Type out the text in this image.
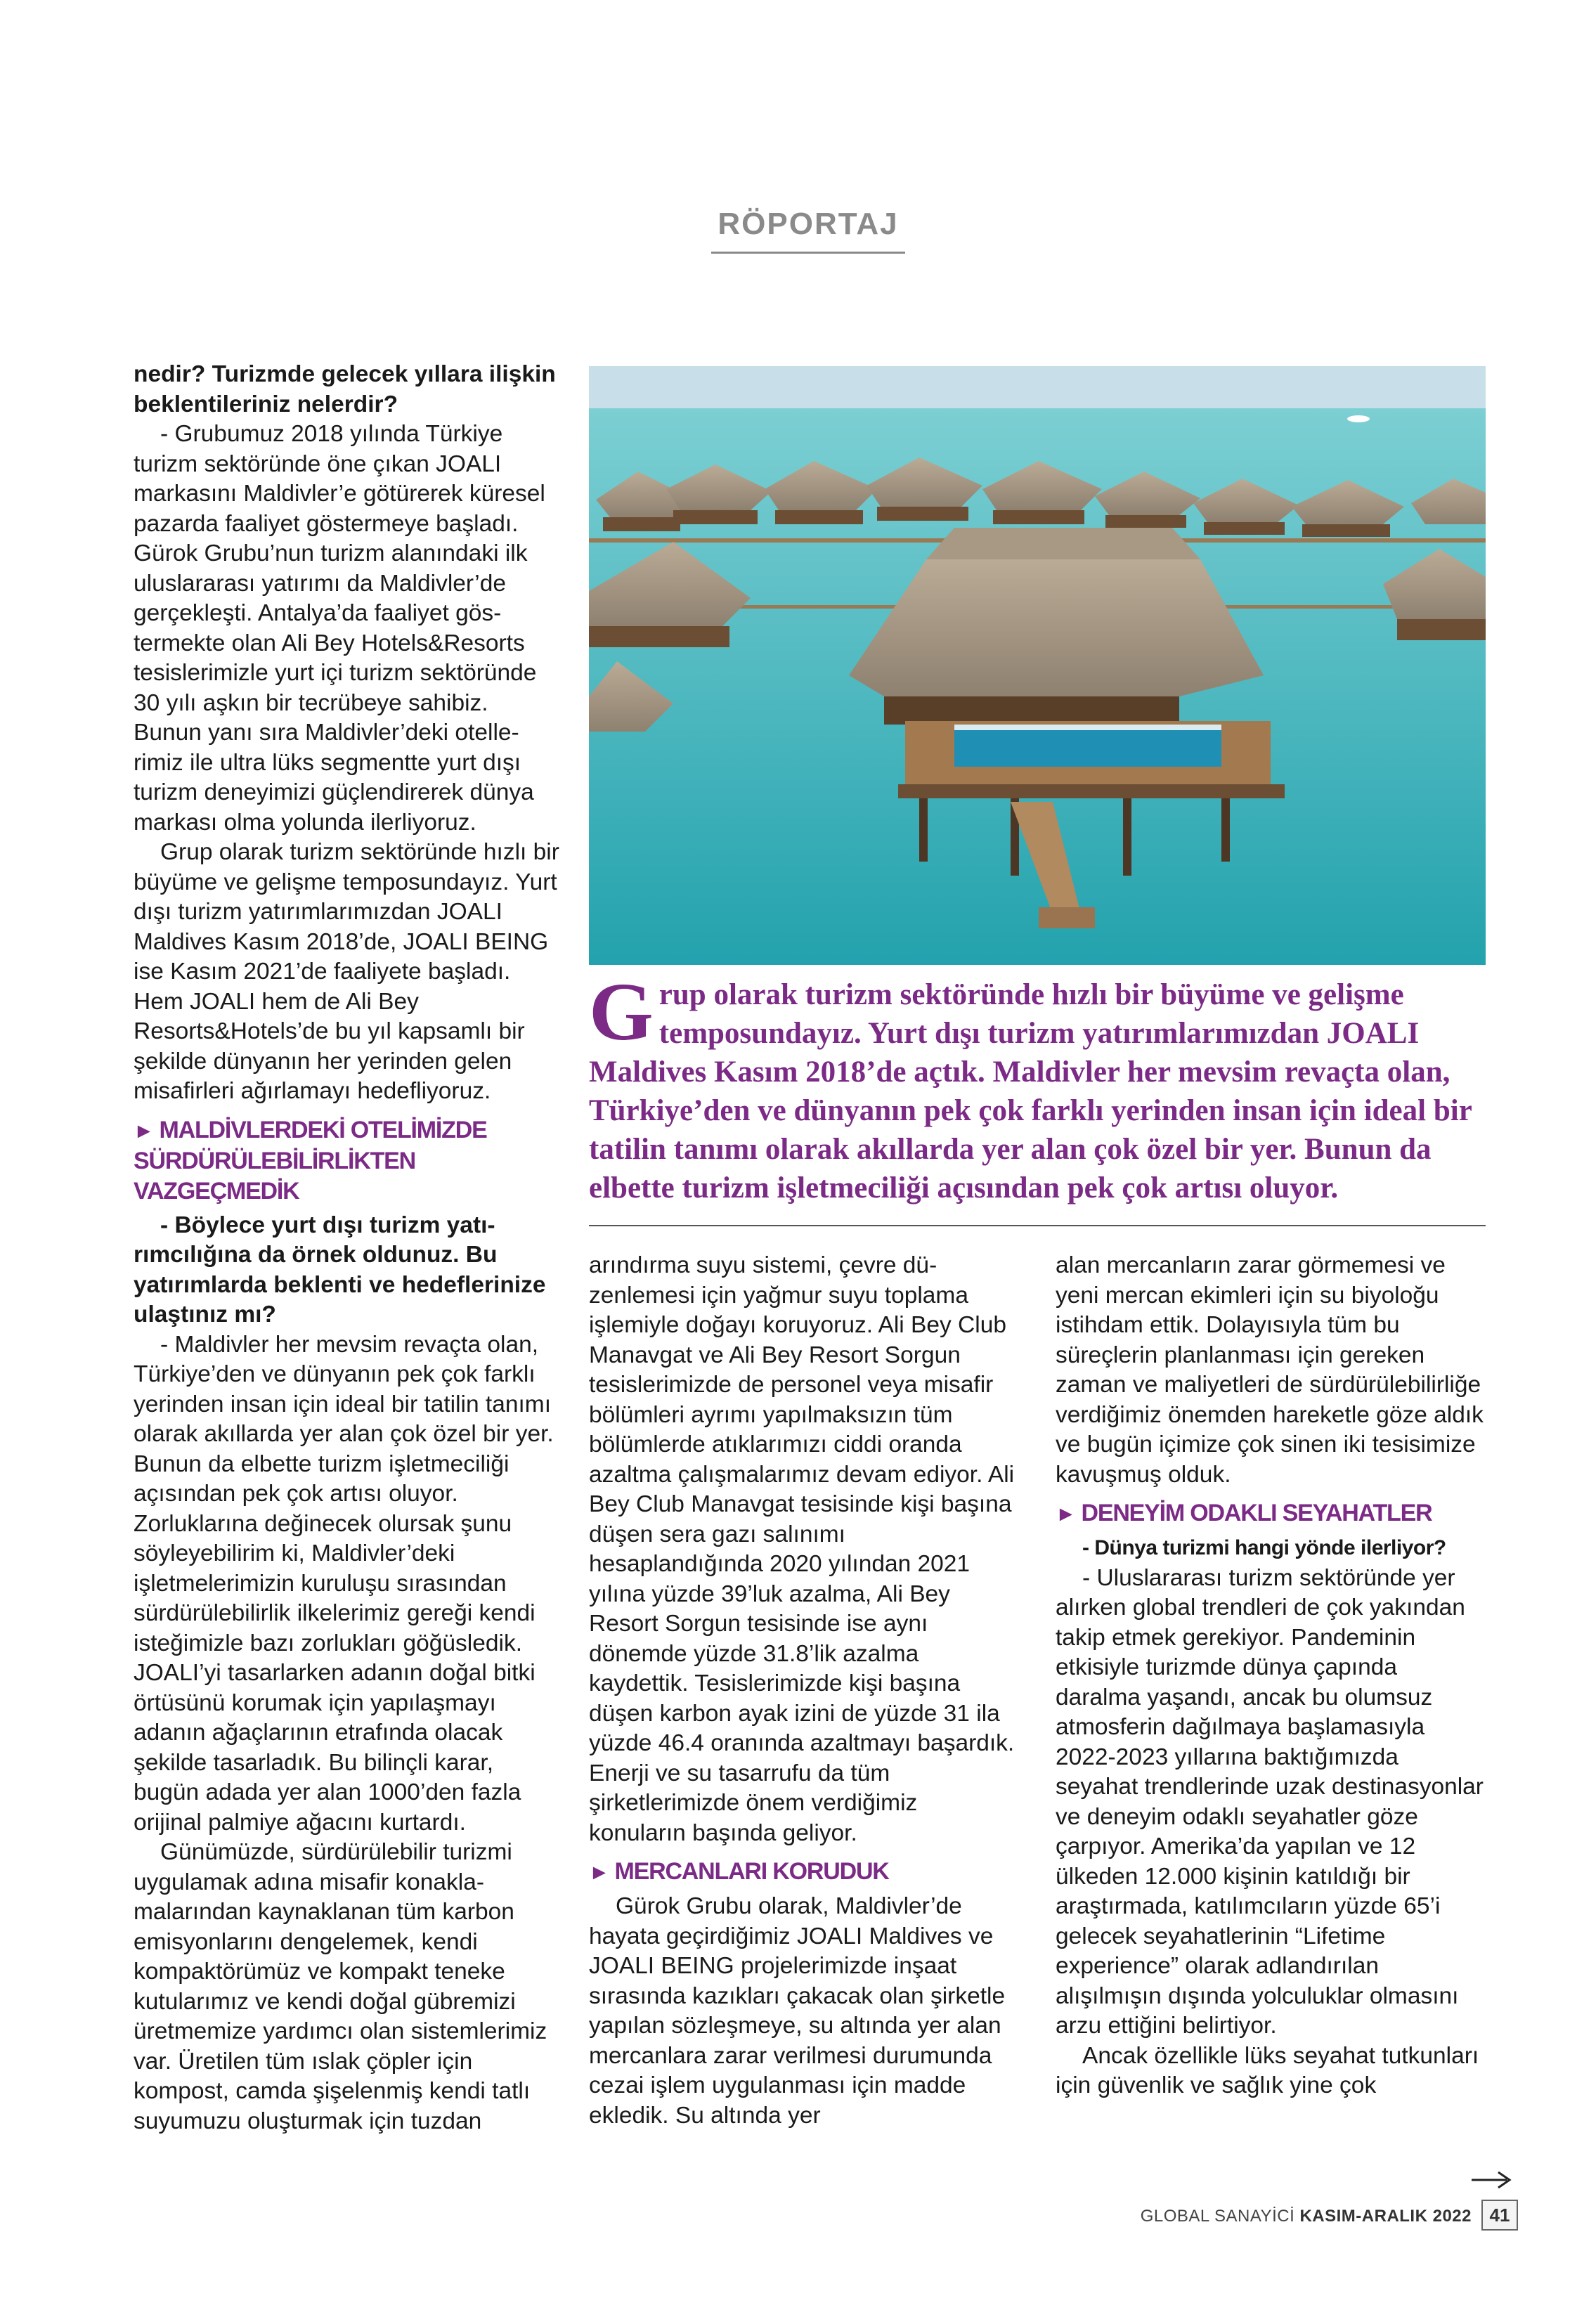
RÖPORTAJ

nedir? Turizmde gelecek yıllara ilişkin beklentileriniz nelerdir?

- Grubumuz 2018 yılında Türkiye turizm sektöründe öne çıkan JOALI markasını Maldivler’e götürerek küresel pazarda faaliyet göstermeye başladı. Gürok Grubu’nun turizm alanındaki ilk uluslararası yatırımı da Maldivler’de gerçekleşti. Antalya’da faaliyet göstermekte olan Ali Bey Hotels&Resorts tesislerimizle yurt içi turizm sektöründe 30 yılı aşkın bir tecrübeye sahibiz. Bunun yanı sıra Maldivler’deki otellerimiz ile ultra lüks segmentte yurt dışı turizm deneyimizi güçlendirerek dünya markası olma yolunda ilerliyoruz.

Grup olarak turizm sektöründe hızlı bir büyüme ve gelişme temposundayız. Yurt dışı turizm yatırımlarımızdan JOALI Maldives Kasım 2018’de, JOALI BEING ise Kasım 2021’de faaliyete başladı. Hem JOALI hem de Ali Bey Resorts&Hotels’de bu yıl kapsamlı bir şekilde dünyanın her yerinden gelen misafirleri ağırlamayı hedefliyoruz.

► MALDİVLERDEKİ OTELİMİZDE
SÜRDÜRÜLEBİLİRLİKTEN VAZGEÇMEDİK

- Böylece yurt dışı turizm yatırımcılığına da örnek oldunuz. Bu yatırımlarda beklenti ve hedeflerinize ulaştınız mı?

- Maldivler her mevsim revaçta olan, Türkiye’den ve dünyanın pek çok farklı yerinden insan için ideal bir tatilin tanımı olarak akıllarda yer alan çok özel bir yer. Bunun da elbette turizm işletmeciliği açısından pek çok artısı oluyor. Zorluklarına değinecek olursak şunu söyleyebilirim ki, Maldivler’deki işletmelerimizin kuruluşu sırasından sürdürülebilirlik ilkelerimiz gereği kendi isteğimizle bazı zorlukları göğüsledik. JOALI’yi tasarlarken adanın doğal bitki örtüsünü korumak için yapılaşmayı adanın ağaçlarının etrafında olacak şekilde tasarladık. Bu bilinçli karar, bugün adada yer alan 1000’den fazla orijinal palmiye ağacını kurtardı.

Günümüzde, sürdürülebilir turizmi uygulamak adına misafir konaklamalarından kaynaklanan tüm karbon emisyonlarını dengelemek, kendi kompaktörümüz ve kompakt teneke kutularımız ve kendi doğal gübremizi üretmemize yardımcı olan sistemlerimiz var. Üretilen tüm ıslak çöpler için kompost, camda şişelenmiş kendi tatlı suyumuzu oluşturmak için tuzdan

Grup olarak turizm sektöründe hızlı bir büyüme ve gelişme temposundayız. Yurt dışı turizm yatırımlarımızdan JOALI Maldives Kasım 2018’de açtık. Maldivler her mevsim revaçta olan, Türkiye’den ve dünyanın pek çok farklı yerinden insan için ideal bir tatilin tanımı olarak akıllarda yer alan çok özel bir yer. Bunun da elbette turizm işletmeciliği açısından pek çok artısı oluyor.

arındırma suyu sistemi, çevre düzenlemesi için yağmur suyu toplama işlemiyle doğayı koruyoruz. Ali Bey Club Manavgat ve Ali Bey Resort Sorgun tesislerimizde de personel veya misafir bölümleri ayrımı yapılmaksızın tüm bölümlerde atıklarımızı ciddi oranda azaltma çalışmalarımız devam ediyor. Ali Bey Club Manavgat tesisinde kişi başına düşen sera gazı salınımı hesaplandığında 2020 yılından 2021 yılına yüzde 39’luk azalma, Ali Bey Resort Sorgun tesisinde ise aynı dönemde yüzde 31.8’lik azalma kaydettik. Tesislerimizde kişi başına düşen karbon ayak izini de yüzde 31 ila yüzde 46.4 oranında azaltmayı başardık. Enerji ve su tasarrufu da tüm şirketlerimizde önem verdiğimiz konuların başında geliyor.

► MERCANLARI KORUDUK

Gürok Grubu olarak, Maldivler’de hayata geçirdiğimiz JOALI Maldives ve JOALI BEING projelerimizde inşaat sırasında kazıkları çakacak olan şirketle yapılan sözleşmeye, su altında yer alan mercanlara zarar verilmesi durumunda cezai işlem uygulanması için madde ekledik. Su altında yer

alan mercanların zarar görmemesi ve yeni mercan ekimleri için su biyoloğu istihdam ettik. Dolayısıyla tüm bu süreçlerin planlanması için gereken zaman ve maliyetleri de sürdürülebilirliğe verdiğimiz önemden hareketle göze aldık ve bugün içimize çok sinen iki tesisimize kavuşmuş olduk.

► DENEYİM ODAKLI SEYAHATLER

- Dünya turizmi hangi yönde ilerliyor?

- Uluslararası turizm sektöründe yer alırken global trendleri de çok yakından takip etmek gerekiyor. Pandeminin etkisiyle turizmde dünya çapında daralma yaşandı, ancak bu olumsuz atmosferin dağılmaya başlamasıyla 2022-2023 yıllarına baktığımızda seyahat trendlerinde uzak destinasyonlar ve deneyim odaklı seyahatler göze çarpıyor. Amerika’da yapılan ve 12 ülkeden 12.000 kişinin katıldığı bir araştırmada, katılımcıların yüzde 65’i gelecek seyahatlerinin “Lifetime experience” olarak adlandırılan alışılmışın dışında yolculuklar olmasını arzu ettiğini belirtiyor.

Ancak özellikle lüks seyahat tutkunları için güvenlik ve sağlık yine çok

GLOBAL SANAYİCİ KASIM-ARALIK 2022 41
